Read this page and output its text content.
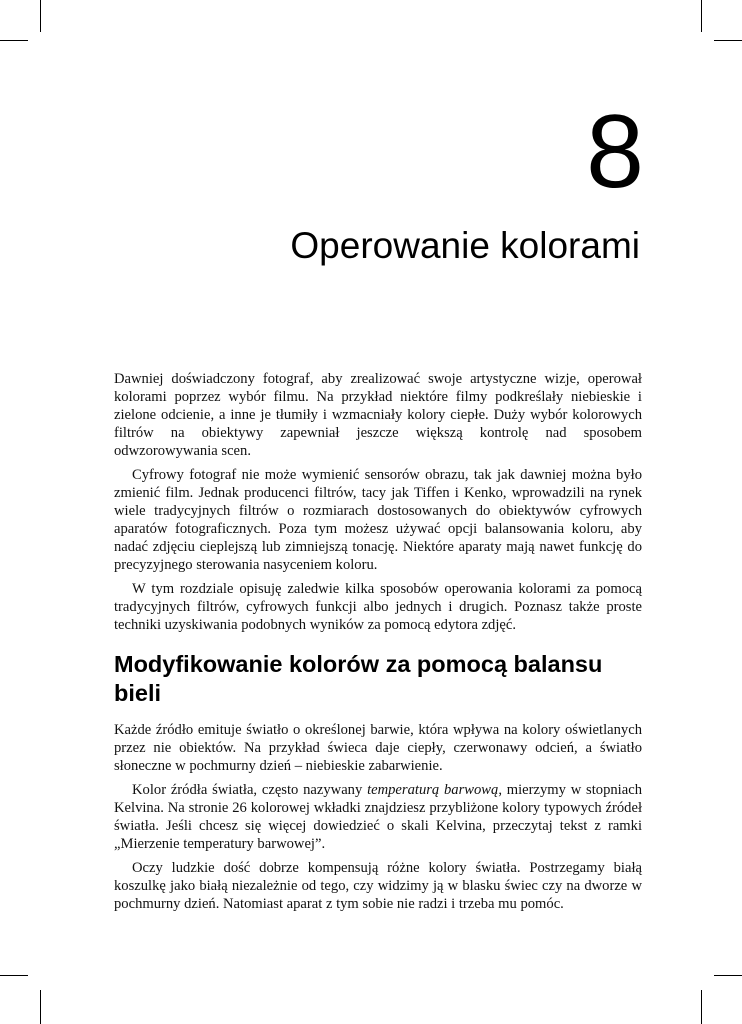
8
Operowanie kolorami

Dawniej doświadczony fotograf, aby zrealizować swoje artystyczne wizje, operował kolorami poprzez wybór filmu. Na przykład niektóre filmy podkreślały niebieskie i zielone odcienie, a inne je tłumiły i wzmacniały kolory ciepłe. Duży wybór kolorowych filtrów na obiektywy zapewniał jeszcze większą kontrolę nad sposobem odwzorowywania scen.

Cyfrowy fotograf nie może wymienić sensorów obrazu, tak jak dawniej można było zmienić film. Jednak producenci filtrów, tacy jak Tiffen i Kenko, wprowadzili na rynek wiele tradycyjnych filtrów o rozmiarach dostosowanych do obiektywów cyfrowych aparatów fotograficznych. Poza tym możesz używać opcji balansowania koloru, aby nadać zdjęciu cieplejszą lub zimniejszą tonację. Niektóre aparaty mają nawet funkcję do precyzyjnego sterowania nasyceniem koloru.

W tym rozdziale opisuję zaledwie kilka sposobów operowania kolorami za pomocą tradycyjnych filtrów, cyfrowych funkcji albo jednych i drugich. Poznasz także proste techniki uzyskiwania podobnych wyników za pomocą edytora zdjęć.

Modyfikowanie kolorów za pomocą balansu bieli

Każde źródło emituje światło o określonej barwie, która wpływa na kolory oświetlanych przez nie obiektów. Na przykład świeca daje ciepły, czerwonawy odcień, a światło słoneczne w pochmurny dzień – niebieskie zabarwienie.

Kolor źródła światła, często nazywany temperaturą barwową, mierzymy w stopniach Kelvina. Na stronie 26 kolorowej wkładki znajdziesz przybliżone kolory typowych źródeł światła. Jeśli chcesz się więcej dowiedzieć o skali Kelvina, przeczytaj tekst z ramki „Mierzenie temperatury barwowej”.

Oczy ludzkie dość dobrze kompensują różne kolory światła. Postrzegamy białą koszulkę jako białą niezależnie od tego, czy widzimy ją w blasku świec czy na dworze w pochmurny dzień. Natomiast aparat z tym sobie nie radzi i trzeba mu pomóc.
